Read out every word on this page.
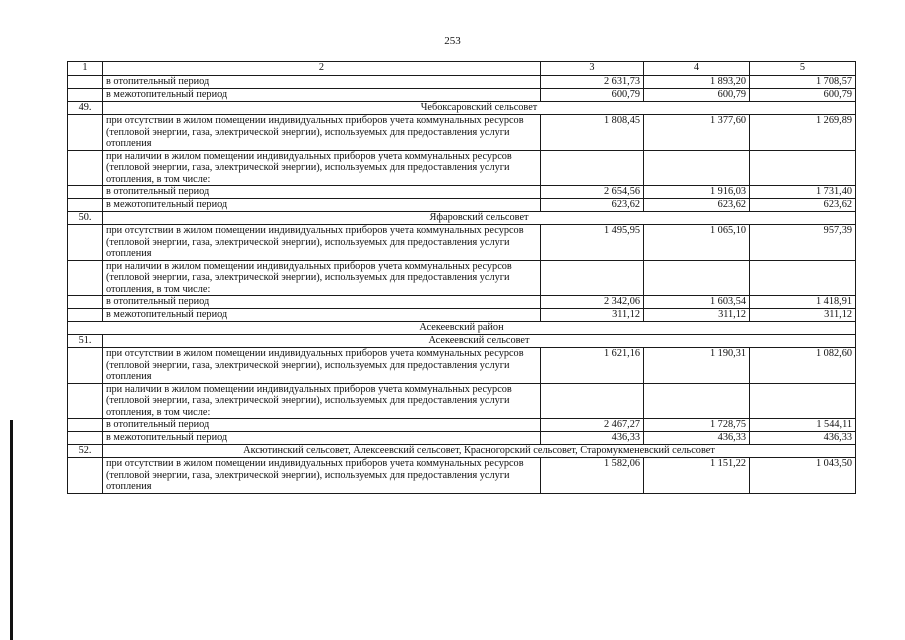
253
1	2	3	4	5
	в отопительный период	2 631,73	1 893,20	1 708,57
	в межотопительный период	600,79	600,79	600,79
49.	Чебоксаровский сельсовет			
	при отсутствии в жилом помещении индивидуальных приборов учета коммунальных ресурсов (тепловой энергии, газа, электрической энергии), используемых для предоставления услуги отопления	1 808,45	1 377,60	1 269,89
	при наличии в жилом помещении индивидуальных приборов учета коммунальных ресурсов (тепловой энергии, газа, электрической энергии), используемых для предоставления услуги отопления, в том числе:			
	в отопительный период	2 654,56	1 916,03	1 731,40
	в межотопительный период	623,62	623,62	623,62
50.	Яфаровский сельсовет			
	при отсутствии в жилом помещении индивидуальных приборов учета коммунальных ресурсов (тепловой энергии, газа, электрической энергии), используемых для предоставления услуги отопления	1 495,95	1 065,10	957,39
	при наличии в жилом помещении индивидуальных приборов учета коммунальных ресурсов (тепловой энергии, газа, электрической энергии), используемых для предоставления услуги отопления, в том числе:			
	в отопительный период	2 342,06	1 603,54	1 418,91
	в межотопительный период	311,12	311,12	311,12
Асекеевский район				
51.	Асекеевский сельсовет			
	при отсутствии в жилом помещении индивидуальных приборов учета коммунальных ресурсов (тепловой энергии, газа, электрической энергии), используемых для предоставления услуги отопления	1 621,16	1 190,31	1 082,60
	при наличии в жилом помещении индивидуальных приборов учета коммунальных ресурсов (тепловой энергии, газа, электрической энергии), используемых для предоставления услуги отопления, в том числе:			
	в отопительный период	2 467,27	1 728,75	1 544,11
	в межотопительный период	436,33	436,33	436,33
52.	Аксютинский сельсовет, Алексеевский сельсовет, Красногорский сельсовет, Старомукменевский сельсовет			
	при отсутствии в жилом помещении индивидуальных приборов учета коммунальных ресурсов (тепловой энергии, газа, электрической энергии), используемых для предоставления услуги отопления	1 582,06	1 151,22	1 043,50
